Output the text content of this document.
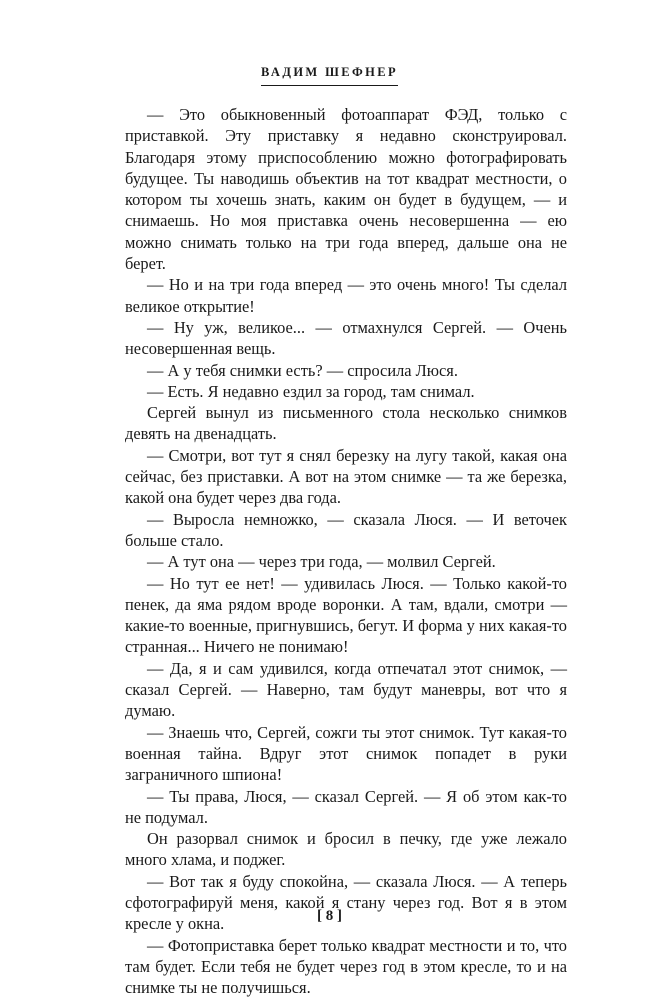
ВАДИМ ШЕФНЕР

— Это обыкновенный фотоаппарат ФЭД, только с приставкой. Эту приставку я недавно сконструировал. Благодаря этому приспособлению можно фотографировать будущее. Ты наводишь объектив на тот квадрат местности, о котором ты хочешь знать, каким он будет в будущем, — и снимаешь. Но моя приставка очень несовершенна — ею можно снимать только на три года вперед, дальше она не берет.

— Но и на три года вперед — это очень много! Ты сделал великое открытие!

— Ну уж, великое... — отмахнулся Сергей. — Очень несовершенная вещь.

— А у тебя снимки есть? — спросила Люся.

— Есть. Я недавно ездил за город, там снимал.

Сергей вынул из письменного стола несколько снимков девять на двенадцать.

— Смотри, вот тут я снял березку на лугу такой, какая она сейчас, без приставки. А вот на этом снимке — та же березка, какой она будет через два года.

— Выросла немножко, — сказала Люся. — И веточек больше стало.

— А тут она — через три года, — молвил Сергей.

— Но тут ее нет! — удивилась Люся. — Только какой-то пенек, да яма рядом вроде воронки. А там, вдали, смотри — какие-то военные, пригнувшись, бегут. И форма у них какая-то странная... Ничего не понимаю!

— Да, я и сам удивился, когда отпечатал этот снимок, — сказал Сергей. — Наверно, там будут маневры, вот что я думаю.

— Знаешь что, Сергей, сожги ты этот снимок. Тут какая-то военная тайна. Вдруг этот снимок попадет в руки заграничного шпиона!

— Ты права, Люся, — сказал Сергей. — Я об этом как-то не подумал.

Он разорвал снимок и бросил в печку, где уже лежало много хлама, и поджег.

— Вот так я буду спокойна, — сказала Люся. — А теперь сфотографируй меня, какой я стану через год. Вот я в этом кресле у окна.

— Фотоприставка берет только квадрат местности и то, что там будет. Если тебя не будет через год в этом кресле, то и на снимке ты не получишься.

[ 8 ]
